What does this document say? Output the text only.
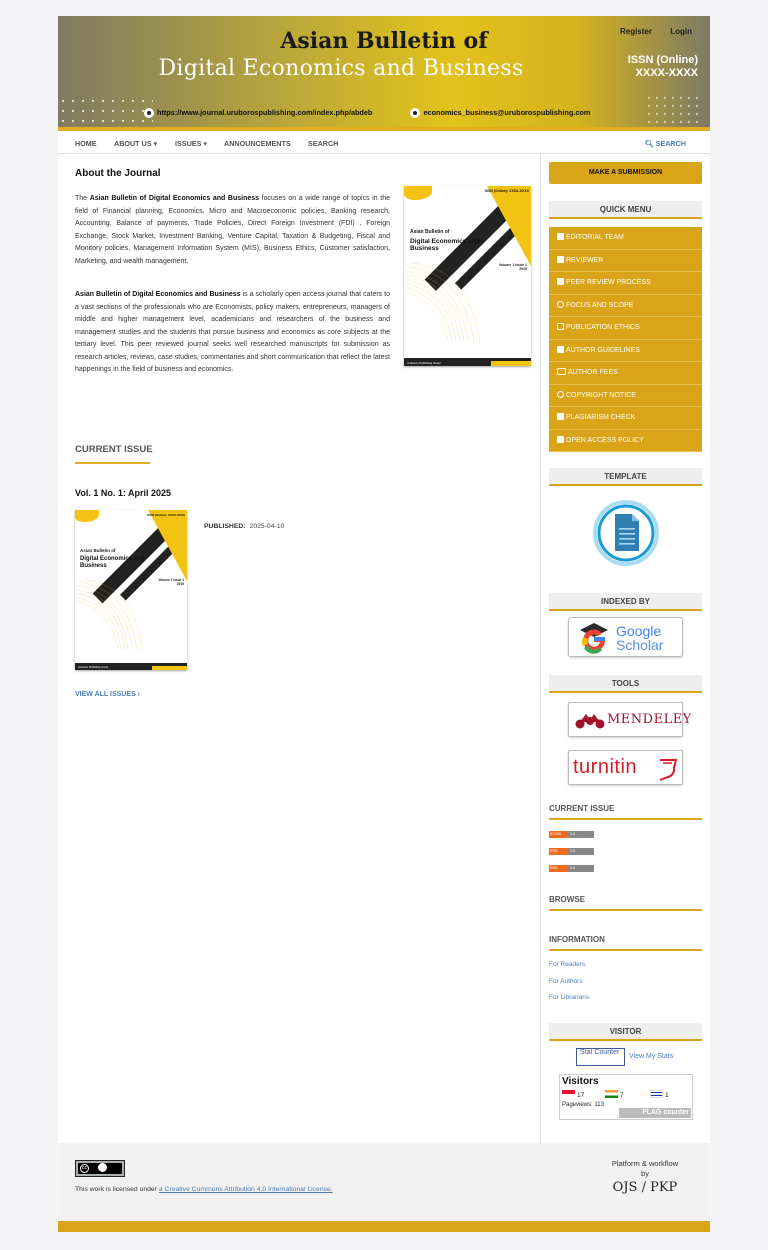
Asian Bulletin of
Digital Economics and Business
Register Login
ISSN (Online)
XXXX-XXXX
https://www.journal.uruborospublishing.com/index.php/abdeb	economics_business@uruborospublishing.com
HOME ABOUT US ▾ ISSUES ▾ ANNOUNCEMENTS SEARCH	🔍︎ SEARCH
About the Journal
The Asian Bulletin of Digital Economics and Business focuses on a wide range of topics in the field of Financial planning, Economics, Micro and Macroeconomic policies, Banking research, Accounting, Balance of payments, Trade Policies, Direct Foreign Investment (FDI) , Foreign Exchange, Stock Market, Investment Banking, Venture Capital, Taxation & Budgeting, Fiscal and Monitory policies, Management Information System (MIS), Business Ethics, Customer satisfaction, Marketing, and wealth management.
Asian Bulletin of Digital Economics and Business is a scholarly open access journal that caters to a vast sections of the professionals who are Economists, policy makers, entrepreneurs, managers of middle and higher management level, academicians and researchers of the business and management studies and the students that pursue business and economics as core subjects at the tertiary level. This peer reviewed journal seeks well researched manuscripts for submission as research articles, reviews, case studies, commentaries and short communication that reflect the latest happenings in the field of business and economics.
ISSN (Online): XXXX-XXXX
Asian Bulletin of
Digital Economics and Business
Volume 1 Issue 1
2025
Uruboros Publishing Group
CURRENT ISSUE
Vol. 1 No. 1: April 2025
ISSN (Online): XXXX-XXXX
Asian Bulletin of
Digital Economics and Business
Volume 1 Issue 1
2025
Uruboros Publishing Group
PUBLISHED: 2025-04-10
VIEW ALL ISSUES ›
MAKE A SUBMISSION
QUICK MENU
EDITORIAL TEAM
REVIEWER
PEER REVIEW PROCESS
FOCUS AND SCOPE
PUBLICATION ETHICS
AUTHOR GUIDELINES
AUTHOR FEES
COPYRIGHT NOTICE
PLAGIARISM CHECK
OPEN ACCESS POLICY
TEMPLATE
INDEXED BY
Google
Scholar
TOOLS
MENDELEY
turnitin
CURRENT ISSUE
ATOM	1.0
RSS	2.0
RSS	1.0
BROWSE
INFORMATION
For Readers
For Authors
For Librarians
VISITOR
Stat Counter
View My Stats
Visitors
17	7	1
Pageviews: 113
FLAG counter
cc
This work is licensed under a Creative Commons Attribution 4.0 International License.
Platform & workflow by
OJS / PKP
